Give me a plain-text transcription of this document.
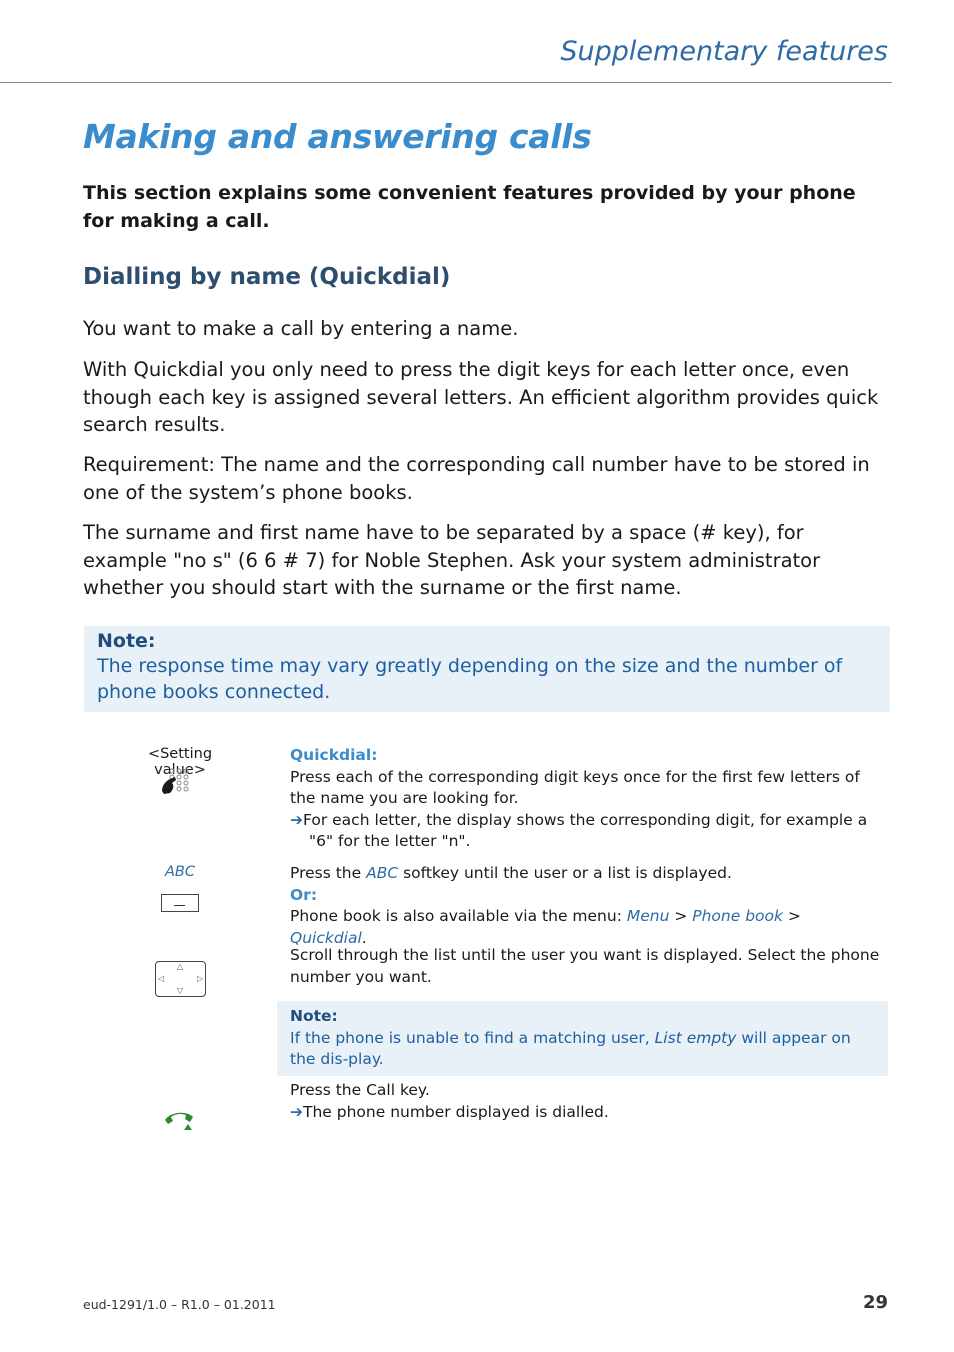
Supplementary features
Making and answering calls
This section explains some convenient features provided by your phone for making a call.
Dialling by name (Quickdial)
You want to make a call by entering a name.
With Quickdial you only need to press the digit keys for each letter once, even though each key is assigned several letters. An efficient algorithm provides quick search results.
Requirement: The name and the corresponding call number have to be stored in one of the system’s phone books.
The surname and first name have to be separated by a space (# key), for example "no s" (6 6 # 7) for Noble Stephen. Ask your system administrator whether you should start with the surname or the first name.
Note:
The response time may vary greatly depending on the size and the number of phone books connected.
<Setting value>
Quickdial:
Press each of the corresponding digit keys once for the first few letters of the name you are looking for.
➔For each letter, the display shows the corresponding digit, for example a "6" for the letter "n".
ABC	Press the ABC softkey until the user or a list is displayed.
Or:
Phone book is also available via the menu: Menu > Phone book > Quickdial.
△
▽
◁	▷
Scroll through the list until the user you want is displayed. Select the phone number you want.
Note:
If the phone is unable to find a matching user, List empty will appear on the dis-play.
Press the Call key.
➔The phone number displayed is dialled.
eud-1291/1.0 – R1.0 – 01.2011	29
